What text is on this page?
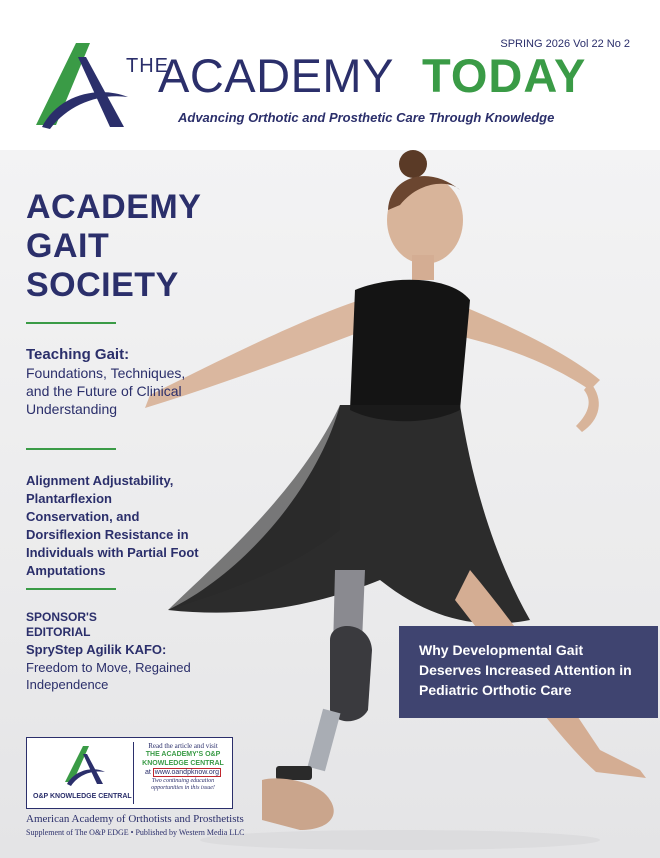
THE
ACADEMY TODAY
Advancing Orthotic and Prosthetic Care Through Knowledge
SPRING 2026 Vol 22 No 2
ACADEMY
GAIT
SOCIETY
Teaching Gait:
Foundations, Techniques, and the Future of Clinical Understanding
Alignment Adjustability, Plantarflexion Conservation, and Dorsiflexion Resistance in Individuals with Partial Foot Amputations
SPONSOR'S
EDITORIAL
SpryStep Agilik KAFO:
Freedom to Move, Regained Independence
Why Developmental Gait Deserves Increased Attention in Pediatric Orthotic Care
O&P KNOWLEDGE CENTRAL
Read the article and visit
THE ACADEMY'S O&P
KNOWLEDGE CENTRAL
at www.oandpknow.org
Two continuing education opportunities in this issue!
American Academy of Orthotists and Prosthetists
Supplement of The O&P EDGE • Published by Western Media LLC
